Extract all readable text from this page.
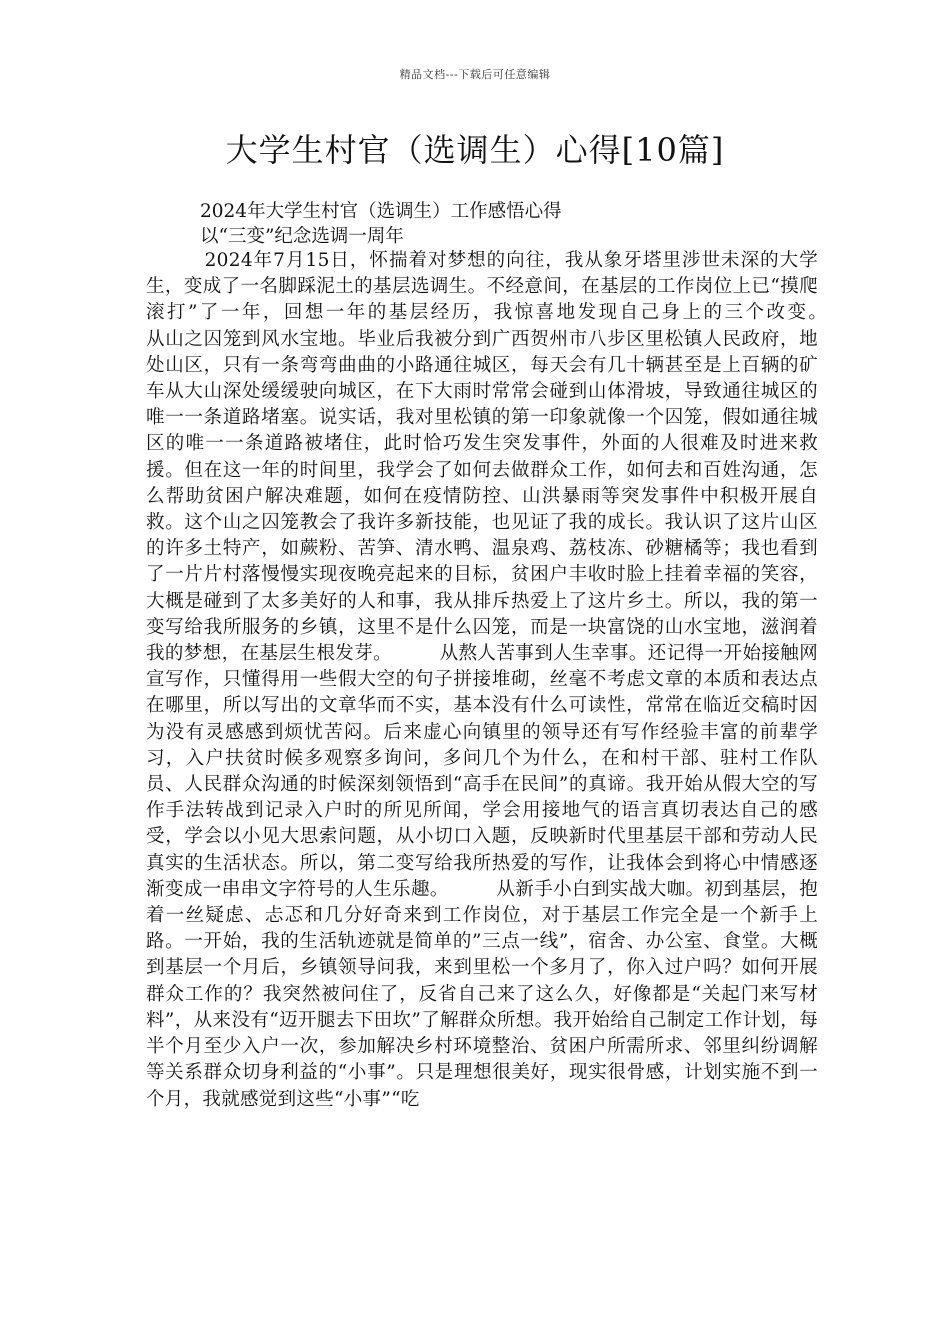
精品文档---下载后可任意编辑
大学生村官（选调生）心得[10篇]
2024年大学生村官（选调生）工作感悟心得
以“三变”纪念选调一周年

　　　2024年7月15日，怀揣着对梦想的向往，我从象牙塔里涉世未深的大学生，变成了一名脚踩泥土的基层选调生。不经意间，在基层的工作岗位上已“摸爬滚打”了一年，回想一年的基层经历，我惊喜地发现自己身上的三个改变。　　　从山之囚笼到风水宝地。毕业后我被分到广西贺州市八步区里松镇人民政府，地处山区，只有一条弯弯曲曲的小路通往城区，每天会有几十辆甚至是上百辆的矿车从大山深处缓缓驶向城区，在下大雨时常常会碰到山体滑坡，导致通往城区的唯一一条道路堵塞。说实话，我对里松镇的第一印象就像一个囚笼，假如通往城区的唯一一条道路被堵住，此时恰巧发生突发事件，外面的人很难及时进来救援。但在这一年的时间里，我学会了如何去做群众工作，如何去和百姓沟通，怎么帮助贫困户解决难题，如何在疫情防控、山洪暴雨等突发事件中积极开展自救。这个山之囚笼教会了我许多新技能，也见证了我的成长。我认识了这片山区的许多土特产，如蕨粉、苦笋、清水鸭、温泉鸡、荔枝冻、砂糖橘等；我也看到了一片片村落慢慢实现夜晚亮起来的目标，贫困户丰收时脸上挂着幸福的笑容，大概是碰到了太多美好的人和事，我从排斥热爱上了这片乡土。所以，我的第一变写给我所服务的乡镇，这里不是什么囚笼，而是一块富饶的山水宝地，滋润着我的梦想，在基层生根发芽。　　　从熬人苦事到人生幸事。还记得一开始接触网宣写作，只懂得用一些假大空的句子拼接堆砌，丝毫不考虑文章的本质和表达点在哪里，所以写出的文章华而不实，基本没有什么可读性，常常在临近交稿时因为没有灵感感到烦忧苦闷。后来虚心向镇里的领导还有写作经验丰富的前辈学习，入户扶贫时候多观察多询问，多问几个为什么，在和村干部、驻村工作队员、人民群众沟通的时候深刻领悟到“高手在民间”的真谛。我开始从假大空的写作手法转战到记录入户时的所见所闻，学会用接地气的语言真切表达自己的感受，学会以小见大思索问题，从小切口入题，反映新时代里基层干部和劳动人民真实的生活状态。所以，第二变写给我所热爱的写作，让我体会到将心中情感逐渐变成一串串文字符号的人生乐趣。　　　从新手小白到实战大咖。初到基层，抱着一丝疑虑、忐忑和几分好奇来到工作岗位，对于基层工作完全是一个新手上路。一开始，我的生活轨迹就是简单的”三点一线”，宿舍、办公室、食堂。大概到基层一个月后，乡镇领导问我，来到里松一个多月了，你入过户吗？如何开展群众工作的？我突然被问住了，反省自己来了这么久，好像都是“关起门来写材料”，从来没有“迈开腿去下田坎”了解群众所想。我开始给自己制定工作计划，每半个月至少入户一次，参加解决乡村环境整治、贫困户所需所求、邻里纠纷调解等关系群众切身利益的“小事”。只是理想很美好，现实很骨感，计划实施不到一个月，我就感觉到这些“小事”“吃
